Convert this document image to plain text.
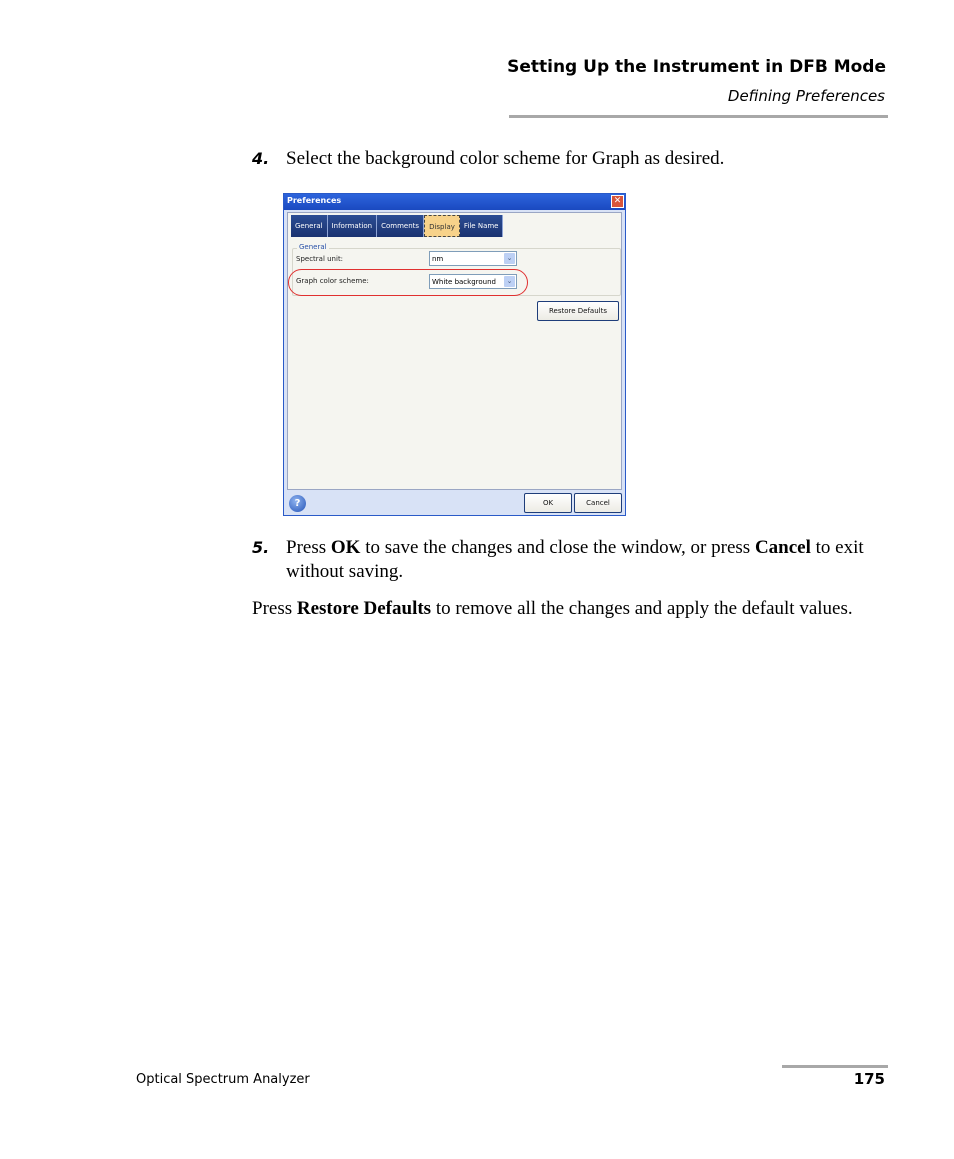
Setting Up the Instrument in DFB Mode
Defining Preferences
4. Select the background color scheme for Graph as desired.
Preferences	✕
General	Information	Comments	Display	File Name
General
Spectral unit:	nm	⌄
Graph color scheme:	White background	⌄
Restore Defaults
?	OK	Cancel
5. Press OK to save the changes and close the window, or press Cancel to exit without saving.
Press Restore Defaults to remove all the changes and apply the default values.
Optical Spectrum Analyzer	175
